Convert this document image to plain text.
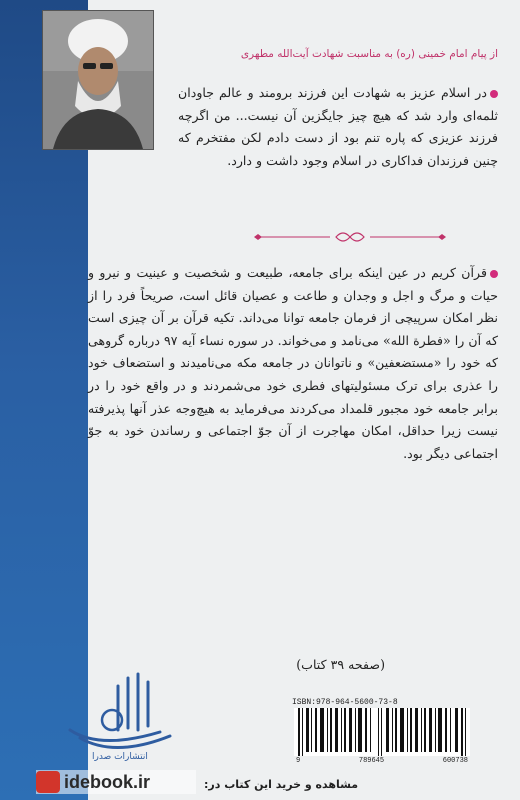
از پیام امام خمینی (ره) به مناسبت شهادت آیت‌الله مطهری
در اسلام عزیز به شهادت این فرزند برومند و عالم جاودان ثلمه‌ای وارد شد که هیچ چیز جایگزین آن نیست... من اگرچه فرزند عزیزی که پاره تنم بود از دست دادم لکن مفتخرم که چنین فرزندان فداکاری در اسلام وجود داشت و دارد.
قرآن کریم در عین اینکه برای جامعه، طبیعت و شخصیت و عینیت و نیرو و حیات و مرگ و اجل و وجدان و طاعت و عصیان قائل است، صریحاً فرد را از نظر امکان سرپیچی از فرمان جامعه توانا می‌داند. تکیه قرآن بر آن چیزی است که آن را «فطرة الله» می‌نامد و می‌خواند. در سوره نساء آیه ۹۷ درباره گروهی که خود را «مستضعفین» و ناتوانان در جامعه مکه می‌نامیدند و استضعاف خود را عذری برای ترک مسئولیتهای فطری خود می‌شمردند و در واقع خود را در برابر جامعه خود مجبور قلمداد می‌کردند می‌فرماید به هیچ‌وجه عذر آنها پذیرفته نیست زیرا حداقل، امکان مهاجرت از آن جوّ اجتماعی و رساندن خود به جوّ اجتماعی دیگر بود.
(صفحه ۳۹ کتاب)
ISBN:978-964-5600-73-8
9	789645	600738
انتشارات صدرا
idebook.ir	مشاهده و خرید این کتاب در:
